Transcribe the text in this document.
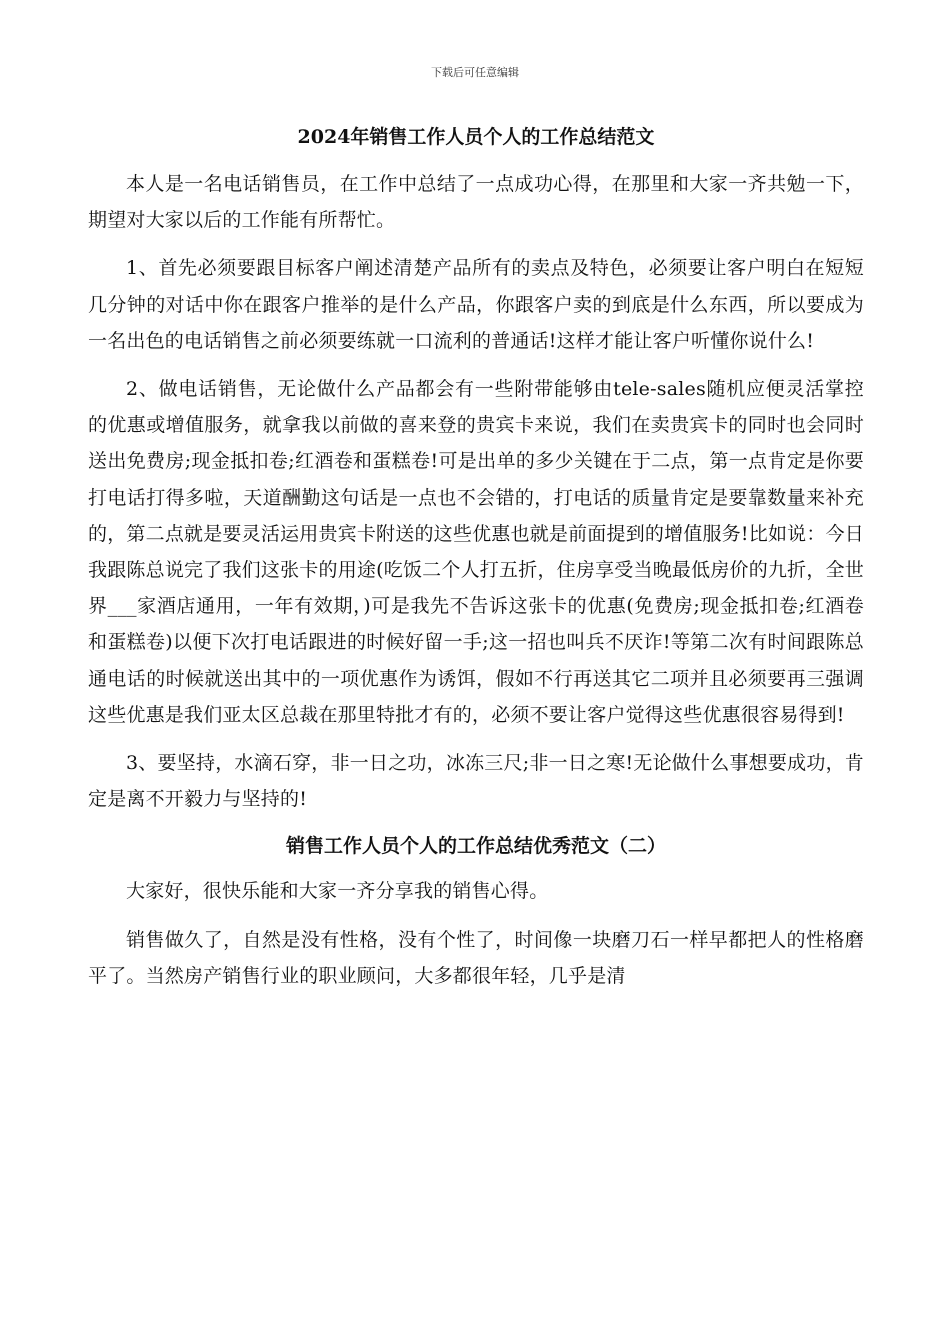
下载后可任意编辑
2024年销售工作人员个人的工作总结范文

本人是一名电话销售员，在工作中总结了一点成功心得，在那里和大家一齐共勉一下，期望对大家以后的工作能有所帮忙。

1、首先必须要跟目标客户阐述清楚产品所有的卖点及特色，必须要让客户明白在短短几分钟的对话中你在跟客户推举的是什么产品，你跟客户卖的到底是什么东西，所以要成为一名出色的电话销售之前必须要练就一口流利的普通话!这样才能让客户听懂你说什么!

2、做电话销售，无论做什么产品都会有一些附带能够由tele-sales随机应便灵活掌控的优惠或增值服务，就拿我以前做的喜来登的贵宾卡来说，我们在卖贵宾卡的同时也会同时送出免费房;现金抵扣卷;红酒卷和蛋糕卷!可是出单的多少关键在于二点，第一点肯定是你要打电话打得多啦，天道酬勤这句话是一点也不会错的，打电话的质量肯定是要靠数量来补充的，第二点就是要灵活运用贵宾卡附送的这些优惠也就是前面提到的增值服务!比如说：今日我跟陈总说完了我们这张卡的用途(吃饭二个人打五折，住房享受当晚最低房价的九折，全世界___家酒店通用，一年有效期，)可是我先不告诉这张卡的优惠(免费房;现金抵扣卷;红酒卷和蛋糕卷)以便下次打电话跟进的时候好留一手;这一招也叫兵不厌诈!等第二次有时间跟陈总通电话的时候就送出其中的一项优惠作为诱饵，假如不行再送其它二项并且必须要再三强调这些优惠是我们亚太区总裁在那里特批才有的，必须不要让客户觉得这些优惠很容易得到!

3、要坚持，水滴石穿，非一日之功，冰冻三尺;非一日之寒!无论做什么事想要成功，肯定是离不开毅力与坚持的!

销售工作人员个人的工作总结优秀范文（二）

大家好，很快乐能和大家一齐分享我的销售心得。

销售做久了，自然是没有性格，没有个性了，时间像一块磨刀石一样早都把人的性格磨平了。当然房产销售行业的职业顾问，大多都很年轻，几乎是清
